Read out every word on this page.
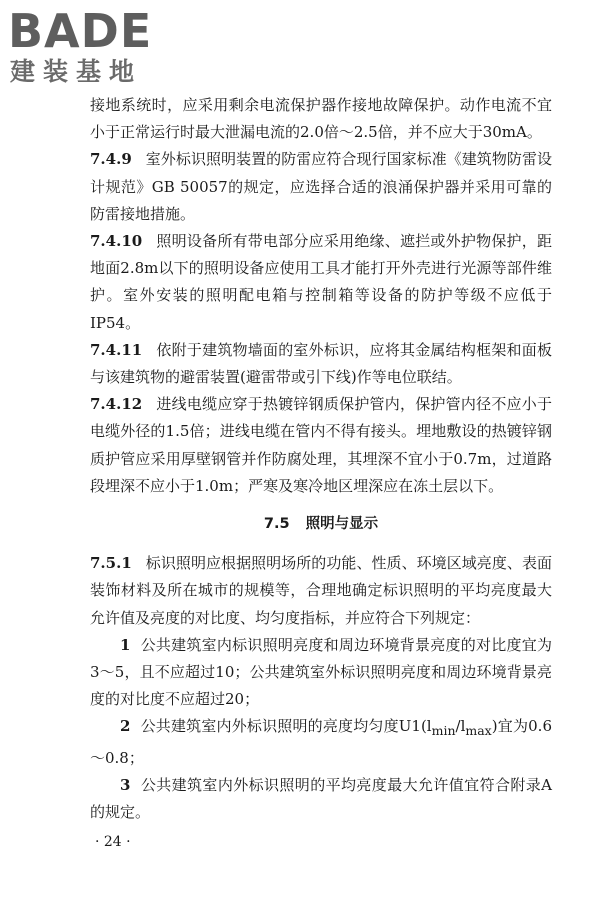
BADE
建装基地

接地系统时，应采用剩余电流保护器作接地故障保护。动作电流不宜小于正常运行时最大泄漏电流的2.0倍～2.5倍，并不应大于30mA。

7.4.9 室外标识照明装置的防雷应符合现行国家标准《建筑物防雷设计规范》GB 50057的规定，应选择合适的浪涌保护器并采用可靠的防雷接地措施。

7.4.10 照明设备所有带电部分应采用绝缘、遮拦或外护物保护，距地面2.8m以下的照明设备应使用工具才能打开外壳进行光源等部件维护。室外安装的照明配电箱与控制箱等设备的防护等级不应低于IP54。

7.4.11 依附于建筑物墙面的室外标识，应将其金属结构框架和面板与该建筑物的避雷装置(避雷带或引下线)作等电位联结。

7.4.12 进线电缆应穿于热镀锌钢质保护管内，保护管内径不应小于电缆外径的1.5倍；进线电缆在管内不得有接头。埋地敷设的热镀锌钢质护管应采用厚壁钢管并作防腐处理，其埋深不宜小于0.7m，过道路段埋深不应小于1.0m；严寒及寒冷地区埋深应在冻土层以下。

7.5 照明与显示

7.5.1 标识照明应根据照明场所的功能、性质、环境区域亮度、表面装饰材料及所在城市的规模等，合理地确定标识照明的平均亮度最大允许值及亮度的对比度、均匀度指标，并应符合下列规定：

1 公共建筑室内标识照明亮度和周边环境背景亮度的对比度宜为3～5，且不应超过10；公共建筑室外标识照明亮度和周边环境背景亮度的对比度不应超过20；

2 公共建筑室内外标识照明的亮度均匀度$U1(l_{min}/l_{max})$宜为0.6～0.8；

3 公共建筑室内外标识照明的平均亮度最大允许值宜符合附录A的规定。

· 24 ·
